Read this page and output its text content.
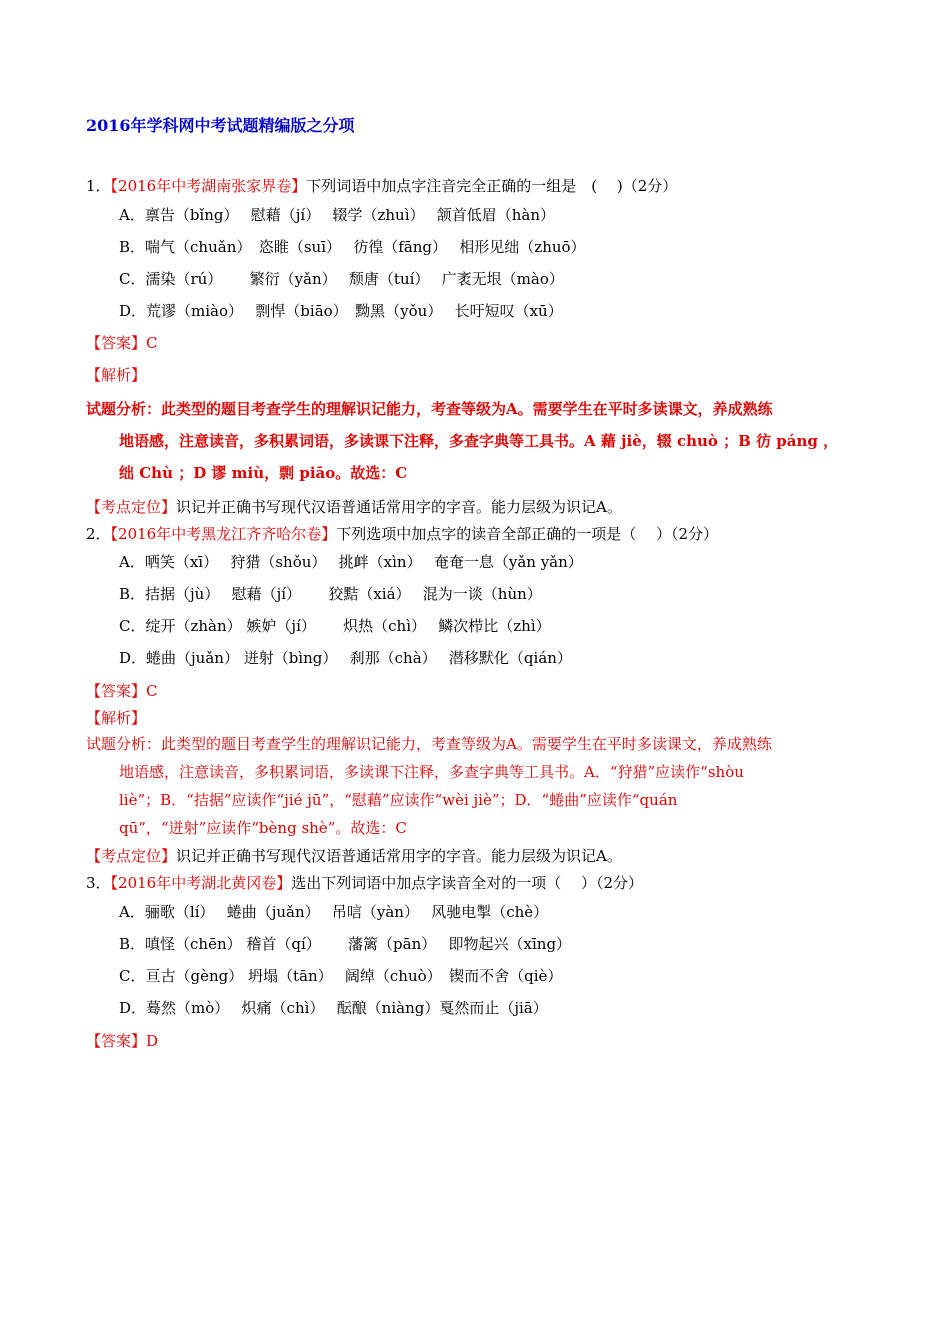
2016年学科网中考试题精编版之分项
1．【2016年中考湖南张家界卷】下列词语中加点字注音完全正确的一组是　(　 )（2分）
A．禀告（bǐng）　 慰藉（jí）　 辍学（zhuì）　 颔首低眉（hàn）
B．喘气（chuǎn）　恣睢（suī）　 彷徨（fāng）　 相形见绌（zhuō）
C．濡染（rú）　　 繁衍（yǎn）　 颓唐（tuí）　 广袤无垠（mào）
D．荒谬（miào）　 剽悍（biāo）　黝黑（yǒu）　 长吁短叹（xū）
【答案】C
【解析】
试题分析：此类型的题目考查学生的理解识记能力，考查等级为A。需要学生在平时多读课文，养成熟练
地语感，注意读音，多积累词语，多读课下注释，多查字典等工具书。A 藉 jiè，辍 chuò ；B 彷 páng ，
绌 Chù ；D 谬 miù，剽 piāo。故选：C
【考点定位】识记并正确书写现代汉语普通话常用字的字音。能力层级为识记A。
2．【2016年中考黑龙江齐齐哈尔卷】下列选项中加点字的读音全部正确的一项是（　 ）（2分）
A．哂笑（xī）　 狩猎（shǒu）　 挑衅（xìn）　 奄奄一息（yǎn yǎn）
B．拮据（jù）　 慰藉（jí）　　 狡黠（xiá）　 混为一谈（hùn）
C．绽开（zhàn） 嫉妒（jí）　　 炽热（chì）　 鳞次栉比（zhì）
D．蜷曲（juǎn） 迸射（bìng）　 刹那（chà）　 潜移默化（qián）
【答案】C
【解析】
试题分析：此类型的题目考查学生的理解识记能力，考查等级为A。需要学生在平时多读课文，养成熟练
地语感，注意读音，多积累词语，多读课下注释，多查字典等工具书。A．“狩猎”应读作“shòu
liè”；B．“拮据”应读作“jié jū”，“慰藉”应读作“wèi jiè”；D．“蜷曲”应读作“quán
qū”，“迸射”应读作“bèng shè”。故选：C
【考点定位】识记并正确书写现代汉语普通话常用字的字音。能力层级为识记A。
3．【2016年中考湖北黄冈卷】选出下列词语中加点字读音全对的一项（　 ）（2分）
A．骊歌（lí）　 蜷曲（juǎn）　 吊唁（yàn）　 风驰电掣（chè）
B．嗔怪（chēn） 稽首（qí）　　 藩篱（pān）　 即物起兴（xīng）
C．亘古（gèng） 坍塌（tān）　 阔绰（chuò）　锲而不舍（qiè）
D．蓦然（mò）　 炽痛（chì）　 酝酿（niàng）戛然而止（jiā）
【答案】D
